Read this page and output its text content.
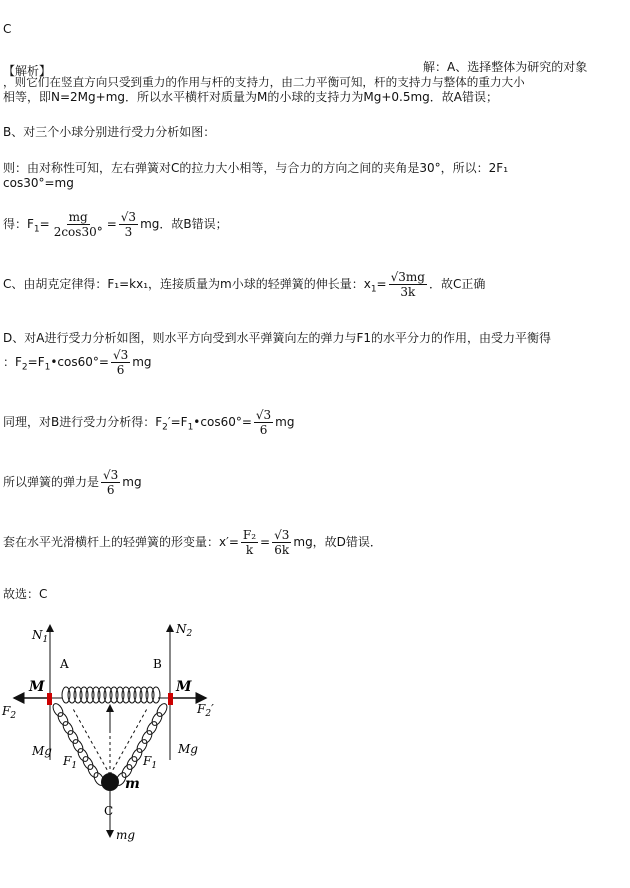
C
【解析】	解：A、选择整体为研究的对象
，则它们在竖直方向只受到重力的作用与杆的支持力，由二力平衡可知，杆的支持力与整体的重力大小
相等，即N=2Mg+mg．所以水平横杆对质量为M的小球的支持力为Mg+0.5mg．故A错误；
B、对三个小球分别进行受力分析如图：
则：由对称性可知，左右弹簧对C的拉力大小相等，与合力的方向之间的夹角是30°，所以：2F₁
cos30°=mg
得：$F_1= \frac{mg}{2\cos 30^\circ} = \frac{√3}{3}$ mg．故B错误；
C、由胡克定律得：F₁=kx₁，连接质量为m小球的轻弹簧的伸长量：$x_1= \frac{√3mg}{3k}$ ．故C正确
D、对A进行受力分析如图，则水平方向受到水平弹簧向左的弹力与F1的水平分力的作用，由受力平衡得
：$F_2=F_1•\cos 60^\circ= \frac{√3}{6}$ mg
同理，对B进行受力分析得：$F_2'=F_1•\cos 60^\circ= \frac{√3}{6}$ mg
所以弹簧的弹力是 $\frac{√3}{6}$ mg
套在水平光滑横杆上的轻弹簧的形变量：$x'= \frac{\text{F₂}}{k} = \frac{√3}{6k}$ mg，故D错误．
故选：C
$N_1$
$N_2$
A	B
M	M
$F_2$	$F_2'$
Mg	Mg
$F_1$	$F_1$
m
C
mg
